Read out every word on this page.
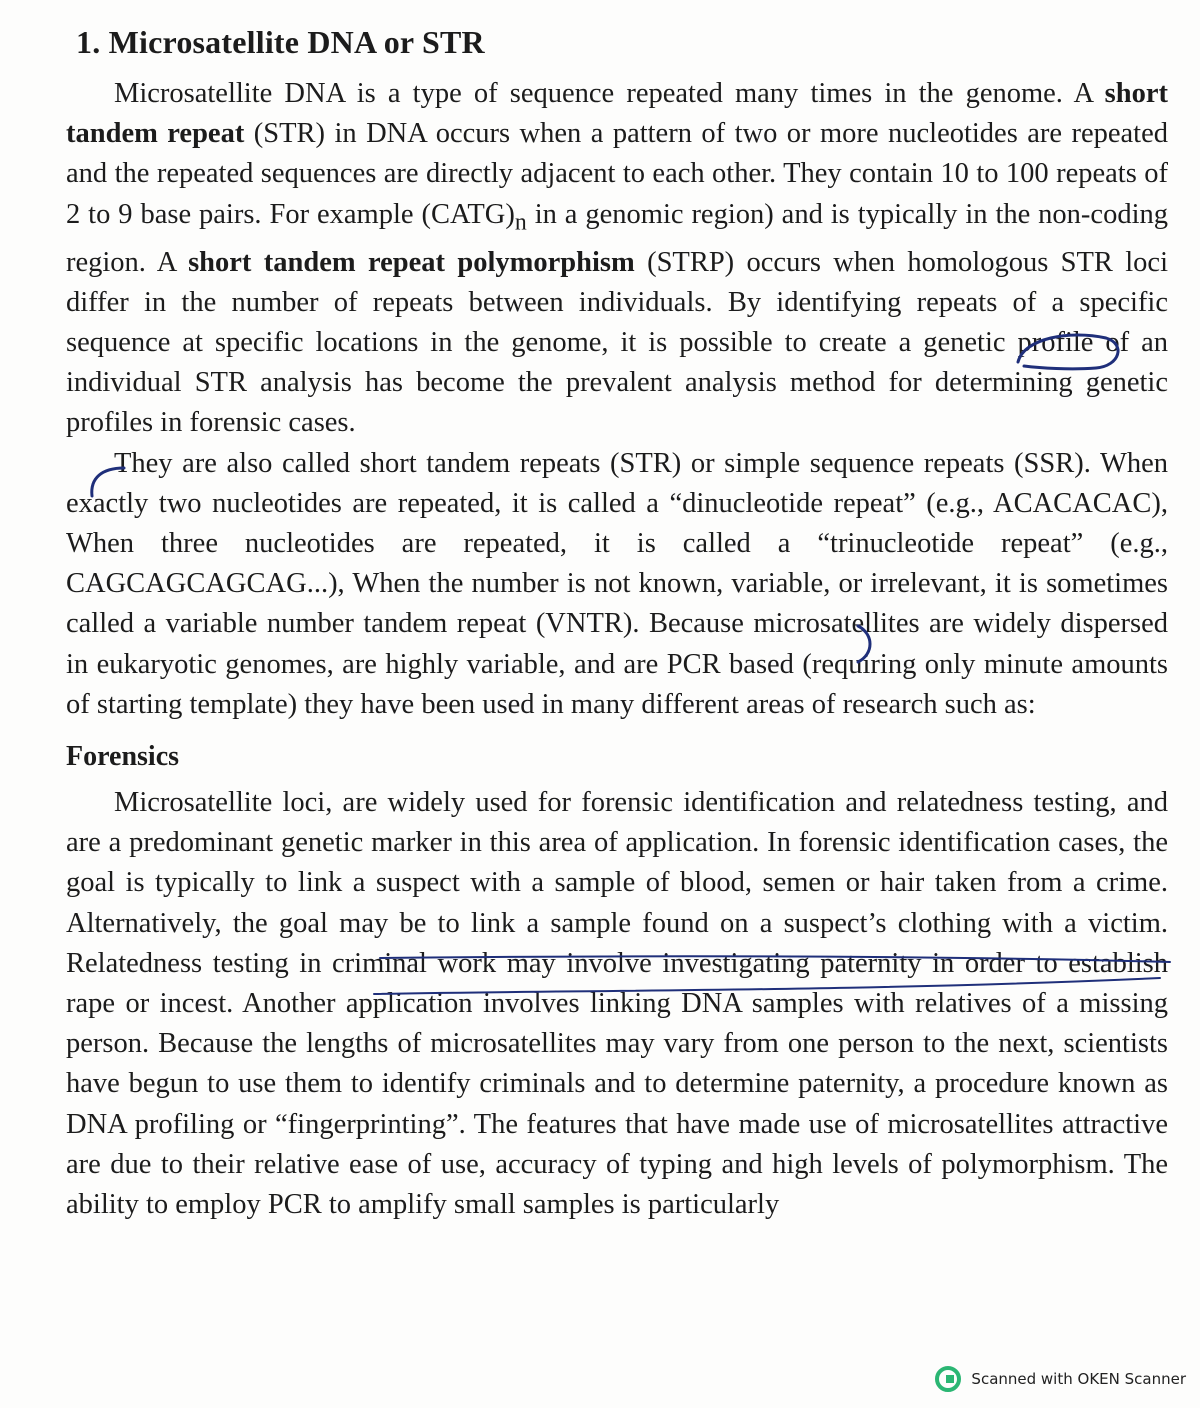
1. Microsatellite DNA or STR

Microsatellite DNA is a type of sequence repeated many times in the genome. A short tandem repeat (STR) in DNA occurs when a pattern of two or more nucleotides are repeated and the repeated sequences are directly adjacent to each other. They contain 10 to 100 repeats of 2 to 9 base pairs. For example $(CATG)_n$ in a genomic region) and is typically in the non-coding region. A short tandem repeat polymorphism (STRP) occurs when homologous STR loci differ in the number of repeats between individuals. By identifying repeats of a specific sequence at specific locations in the genome, it is possible to create a genetic profile of an individual STR analysis has become the prevalent analysis method for determining genetic profiles in forensic cases.

They are also called short tandem repeats (STR) or simple sequence repeats (SSR). When exactly two nucleotides are repeated, it is called a “dinucleotide repeat” (e.g., ACACACAC), When three nucleotides are repeated, it is called a “trinucleotide repeat” (e.g., CAGCAGCAGCAG...), When the number is not known, variable, or irrelevant, it is sometimes called a variable number tandem repeat (VNTR). Because microsatellites are widely dispersed in eukaryotic genomes, are highly variable, and are PCR based (requiring only minute amounts of starting template) they have been used in many different areas of research such as:

Forensics

Microsatellite loci, are widely used for forensic identification and relatedness testing, and are a predominant genetic marker in this area of application. In forensic identification cases, the goal is typically to link a suspect with a sample of blood, semen or hair taken from a crime. Alternatively, the goal may be to link a sample found on a suspect’s clothing with a victim. Relatedness testing in criminal work may involve investigating paternity in order to establish rape or incest. Another application involves linking DNA samples with relatives of a missing person. Because the lengths of microsatellites may vary from one person to the next, scientists have begun to use them to identify criminals and to determine paternity, a procedure known as DNA profiling or “fingerprinting”. The features that have made use of microsatellites attractive are due to their relative ease of use, accuracy of typing and high levels of polymorphism. The ability to employ PCR to amplify small samples is particularly

Scanned with OKEN Scanner
